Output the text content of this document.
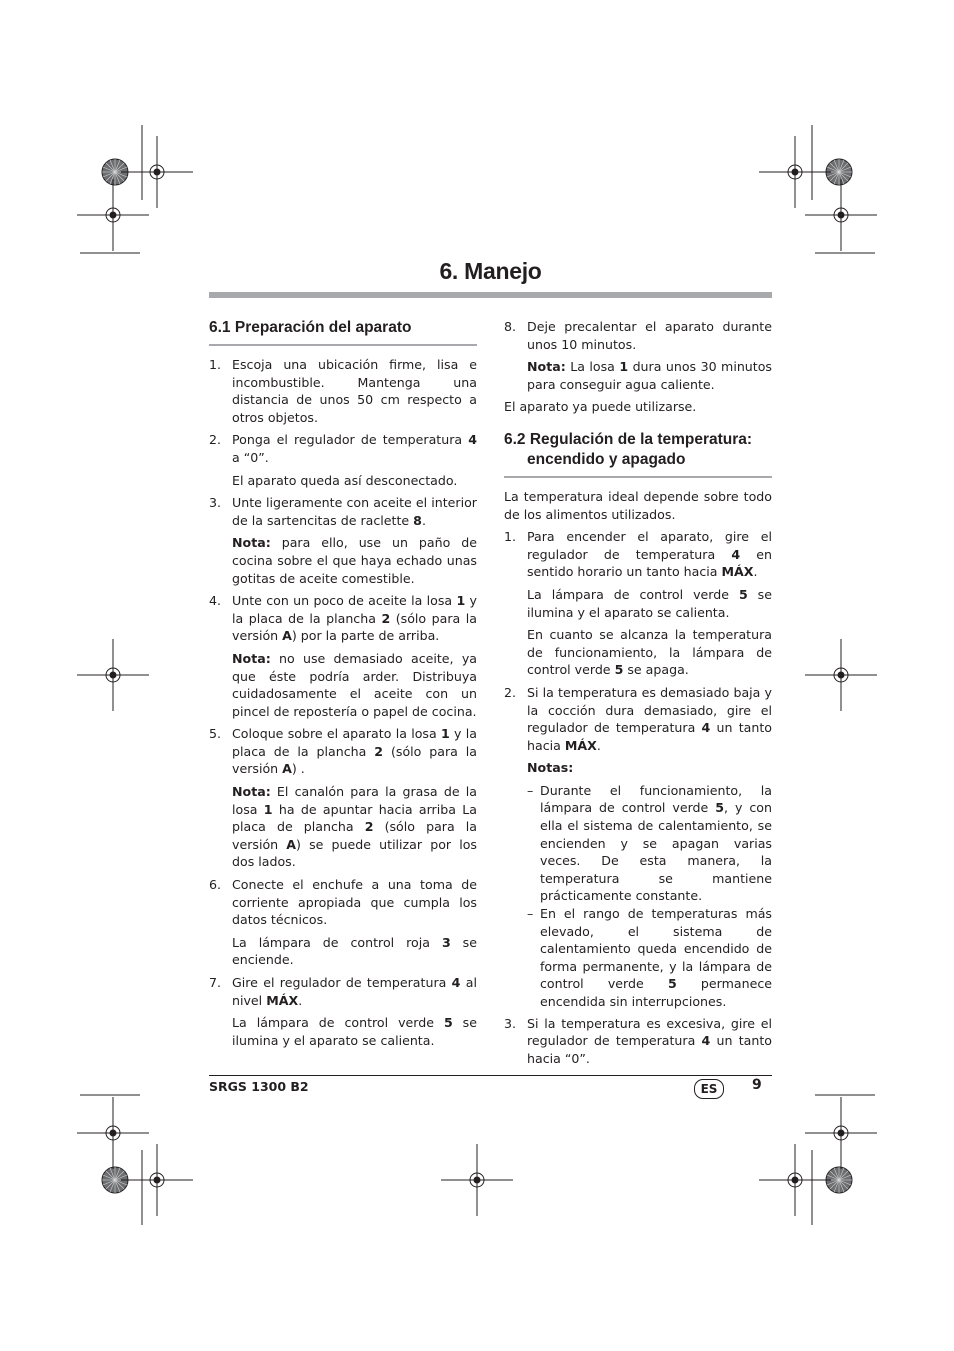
6. Manejo
6.1 Preparación del aparato
1. Escoja una ubicación firme, lisa e incombustible. Mantenga una distancia de unos 50 cm respecto a otros objetos.

2. Ponga el regulador de temperatura 4 a “0”.

El aparato queda así desconectado.

3. Unte ligeramente con aceite el interior de la sartencitas de raclette 8.

Nota: para ello, use un paño de cocina sobre el que haya echado unas gotitas de aceite comestible.

4. Unte con un poco de aceite la losa 1 y la placa de la plancha 2 (sólo para la versión A) por la parte de arriba.

Nota: no use demasiado aceite, ya que éste podría arder. Distribuya cuidadosamente el aceite con un pincel de repostería o papel de cocina.

5. Coloque sobre el aparato la losa 1 y la placa de la plancha 2 (sólo para la versión A) .

Nota: El canalón para la grasa de la losa 1 ha de apuntar hacia arriba La placa de plancha 2 (sólo para la versión A) se puede utilizar por los dos lados.

6. Conecte el enchufe a una toma de corriente apropiada que cumpla los datos técnicos.

La lámpara de control roja 3 se enciende.

7. Gire el regulador de temperatura 4 al nivel MÁX.

La lámpara de control verde 5 se ilumina y el aparato se calienta.

8. Deje precalentar el aparato durante unos 10 minutos.

Nota: La losa 1 dura unos 30 minutos para conseguir agua caliente.

El aparato ya puede utilizarse.

6.2 Regulación de la temperatura:
encendido y apagado

La temperatura ideal depende sobre todo de los alimentos utilizados.

1. Para encender el aparato, gire el regulador de temperatura 4 en sentido horario un tanto hacia MÁX.

La lámpara de control verde 5 se ilumina y el aparato se calienta.

En cuanto se alcanza la temperatura de funcionamiento, la lámpara de control verde 5 se apaga.

2. Si la temperatura es demasiado baja y la cocción dura demasiado, gire el regulador de temperatura 4 un tanto hacia MÁX.

Notas:

– Durante el funcionamiento, la lámpara de control verde 5, y con ella el sistema de calentamiento, se encienden y se apagan varias veces. De esta manera, la temperatura se mantiene prácticamente constante.
– En el rango de temperaturas más elevado, el sistema de calentamiento queda encendido de forma permanente, y la lámpara de control verde 5 permanece encendida sin interrupciones.
3. Si la temperatura es excesiva, gire el regulador de temperatura 4 un tanto hacia “0”.

SRGS 1300 B2	ES	9
